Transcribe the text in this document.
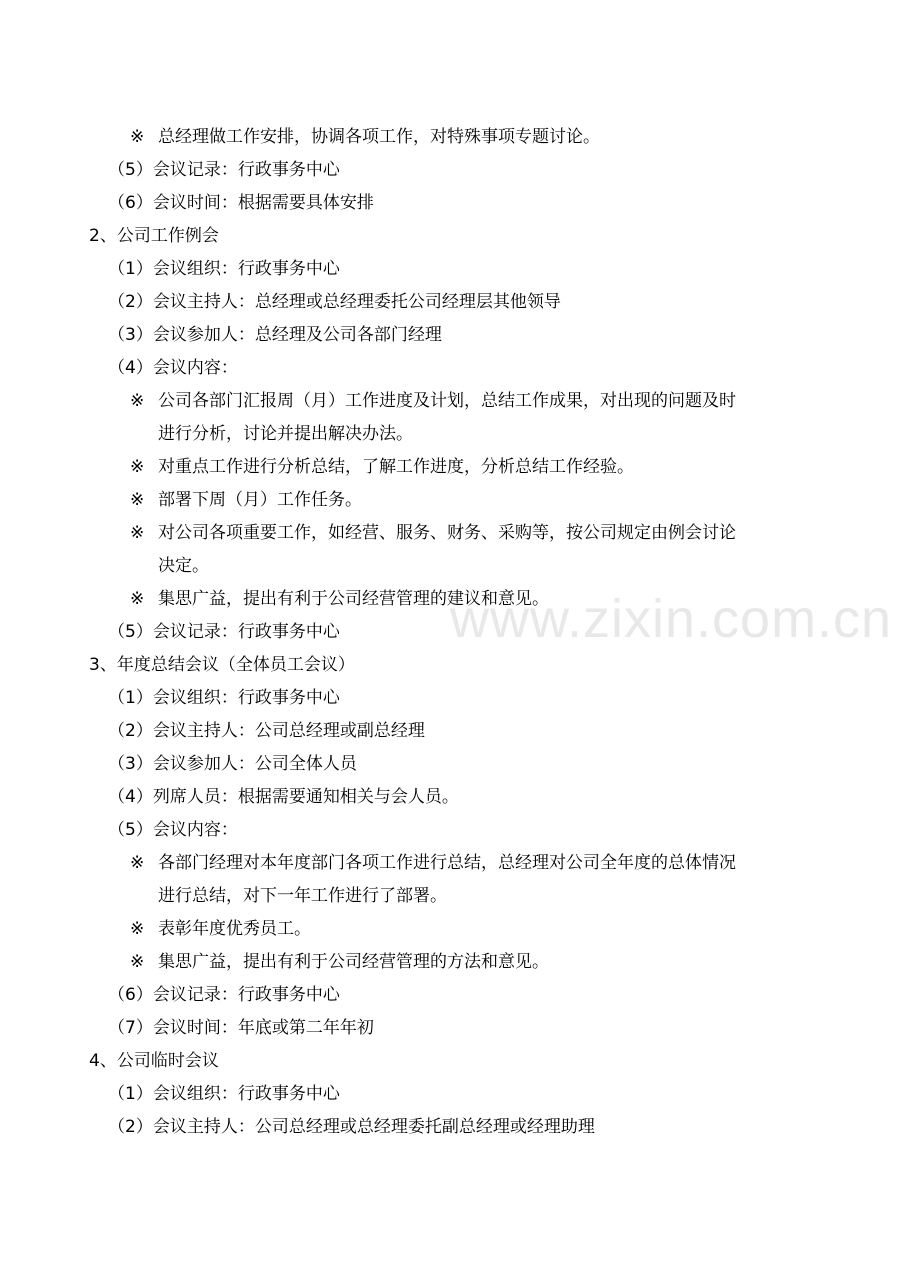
www.zixin.com.cn
※ 总经理做工作安排，协调各项工作，对特殊事项专题讨论。
（5）会议记录：行政事务中心
（6）会议时间：根据需要具体安排
2、公司工作例会
（1）会议组织：行政事务中心
（2）会议主持人：总经理或总经理委托公司经理层其他领导
（3）会议参加人：总经理及公司各部门经理
（4）会议内容：
※ 公司各部门汇报周（月）工作进度及计划，总结工作成果，对出现的问题及时
进行分析，讨论并提出解决办法。
※ 对重点工作进行分析总结，了解工作进度，分析总结工作经验。
※ 部署下周（月）工作任务。
※ 对公司各项重要工作，如经营、服务、财务、采购等，按公司规定由例会讨论
决定。
※ 集思广益，提出有利于公司经营管理的建议和意见。
（5）会议记录：行政事务中心
3、年度总结会议（全体员工会议）
（1）会议组织：行政事务中心
（2）会议主持人：公司总经理或副总经理
（3）会议参加人：公司全体人员
（4）列席人员：根据需要通知相关与会人员。
（5）会议内容：
※ 各部门经理对本年度部门各项工作进行总结，总经理对公司全年度的总体情况
进行总结，对下一年工作进行了部署。
※ 表彰年度优秀员工。
※ 集思广益，提出有利于公司经营管理的方法和意见。
（6）会议记录：行政事务中心
（7）会议时间：年底或第二年年初
4、公司临时会议
（1）会议组织：行政事务中心
（2）会议主持人：公司总经理或总经理委托副总经理或经理助理
